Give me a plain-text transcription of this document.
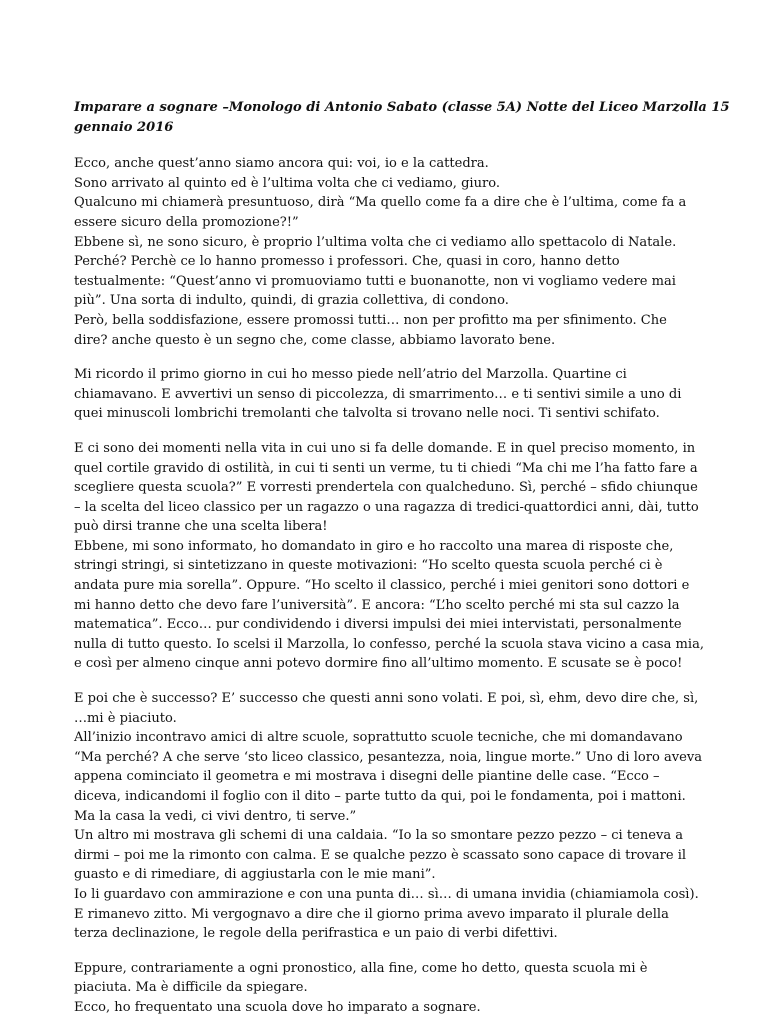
Imparare a sognare –Monologo di Antonio Sabato (classe 5A) Notte del Liceo Marzolla 15
gennaio 2016
Ecco, anche quest’anno siamo ancora qui: voi, io e la cattedra.
Sono arrivato al quinto ed è l’ultima volta che ci vediamo, giuro.
Qualcuno mi chiamerà presuntuoso, dirà “Ma quello come fa a dire che è l’ultima, come fa a
essere sicuro della promozione?!”
Ebbene sì, ne sono sicuro, è proprio l’ultima volta che ci vediamo allo spettacolo di Natale.
Perché? Perchè ce lo hanno promesso i professori. Che, quasi in coro, hanno detto
testualmente: “Quest’anno vi promuoviamo tutti e buonanotte, non vi vogliamo vedere mai
più”. Una sorta di indulto, quindi, di grazia collettiva, di condono.
Però, bella soddisfazione, essere promossi tutti… non per profitto ma per sfinimento. Che
dire? anche questo è un segno che, come classe, abbiamo lavorato bene.
Mi ricordo il primo giorno in cui ho messo piede nell’atrio del Marzolla. Quartine ci
chiamavano. E avvertivi un senso di piccolezza, di smarrimento… e ti sentivi simile a uno di
quei minuscoli lombrichi tremolanti che talvolta si trovano nelle noci. Ti sentivi schifato.
E ci sono dei momenti nella vita in cui uno si fa delle domande. E in quel preciso momento, in
quel cortile gravido di ostilità, in cui ti senti un verme, tu ti chiedi “Ma chi me l’ha fatto fare a
scegliere questa scuola?” E vorresti prendertela con qualcheduno. Sì, perché – sfido chiunque
– la scelta del liceo classico per un ragazzo o una ragazza di tredici-quattordici anni, dài, tutto
può dirsi tranne che una scelta libera!
Ebbene, mi sono informato, ho domandato in giro e ho raccolto una marea di risposte che,
stringi stringi, si sintetizzano in queste motivazioni: “Ho scelto questa scuola perché ci è
andata pure mia sorella”. Oppure. “Ho scelto il classico, perché i miei genitori sono dottori e
mi hanno detto che devo fare l’università”. E ancora: “L’ho scelto perché mi sta sul cazzo la
matematica”. Ecco… pur condividendo i diversi impulsi dei miei intervistati, personalmente
nulla di tutto questo. Io scelsi il Marzolla, lo confesso, perché la scuola stava vicino a casa mia,
e così per almeno cinque anni potevo dormire fino all’ultimo momento. E scusate se è poco!
E poi che è successo? E’ successo che questi anni sono volati. E poi, sì, ehm, devo dire che, sì,
…mi è piaciuto.
All’inizio incontravo amici di altre scuole, soprattutto scuole tecniche, che mi domandavano
“Ma perché? A che serve ‘sto liceo classico, pesantezza, noia, lingue morte.” Uno di loro aveva
appena cominciato il geometra e mi mostrava i disegni delle piantine delle case. “Ecco –
diceva, indicandomi il foglio con il dito – parte tutto da qui, poi le fondamenta, poi i mattoni.
Ma la casa la vedi, ci vivi dentro, ti serve.”
Un altro mi mostrava gli schemi di una caldaia. “Io la so smontare pezzo pezzo – ci teneva a
dirmi – poi me la rimonto con calma. E se qualche pezzo è scassato sono capace di trovare il
guasto e di rimediare, di aggiustarla con le mie mani”.
Io li guardavo con ammirazione e con una punta di… sì… di umana invidia (chiamiamola così).
E rimanevo zitto. Mi vergognavo a dire che il giorno prima avevo imparato il plurale della
terza declinazione, le regole della perifrastica e un paio di verbi difettivi.
Eppure, contrariamente a ogni pronostico, alla fine, come ho detto, questa scuola mi è
piaciuta. Ma è difficile da spiegare.
Ecco, ho frequentato una scuola dove ho imparato a sognare.
